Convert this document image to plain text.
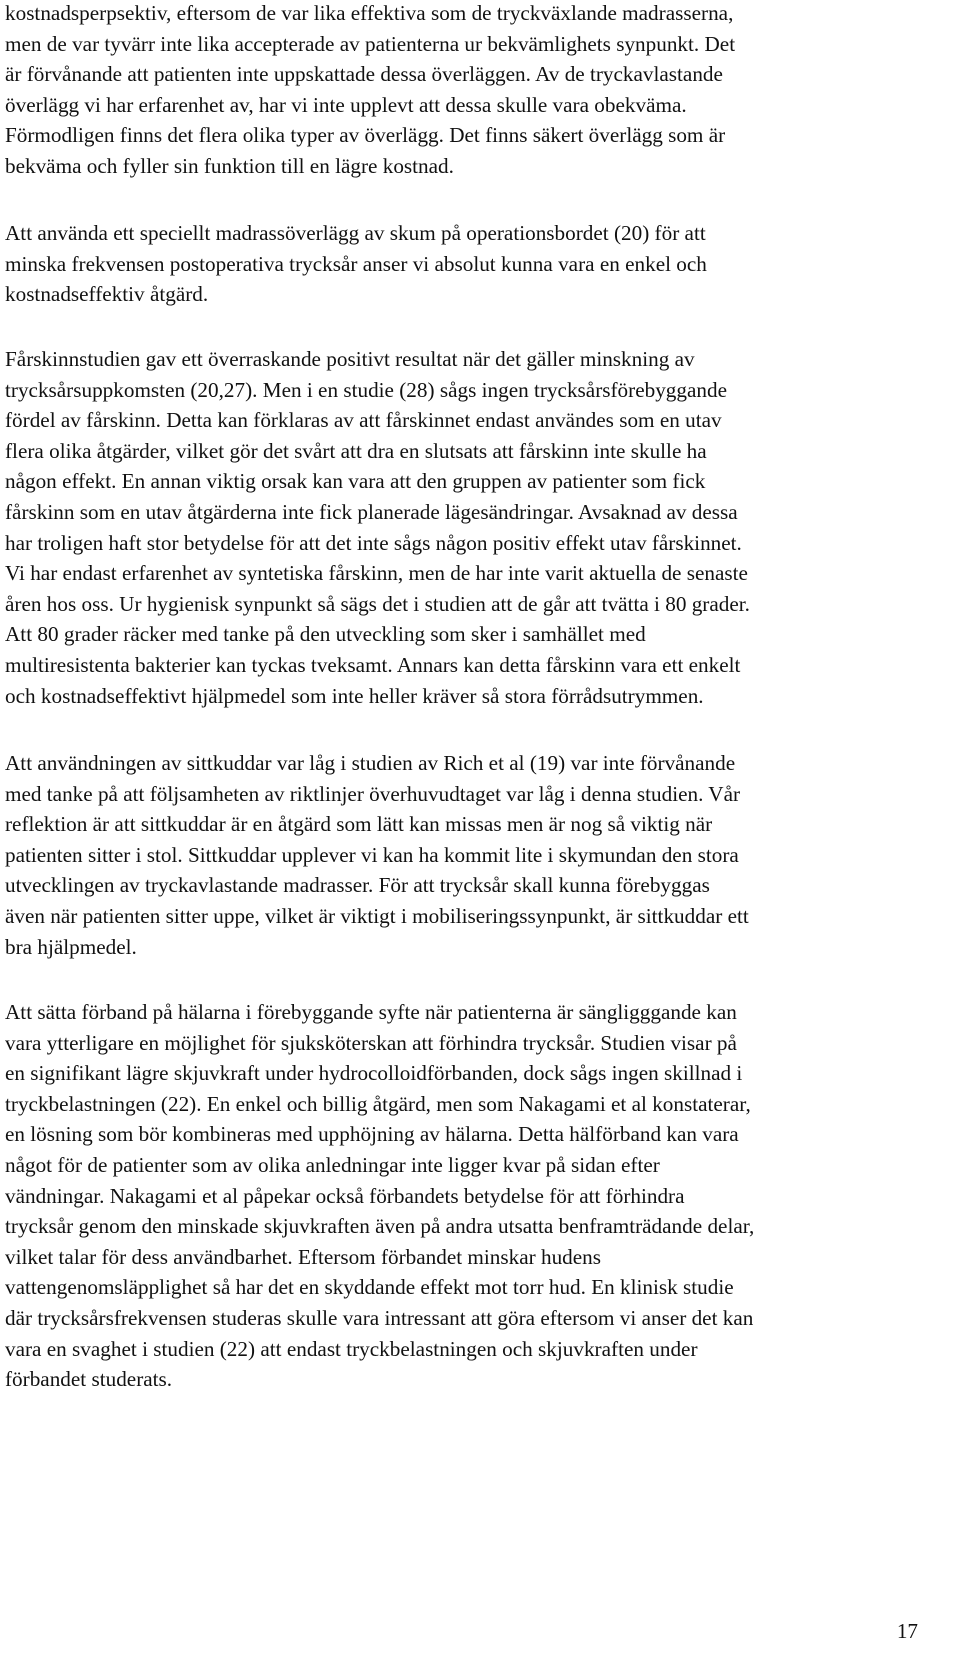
kostnadsperpsektiv, eftersom de var lika effektiva som de tryckväxlande madrasserna,
men de var tyvärr inte lika accepterade av patienterna ur bekvämlighets synpunkt. Det
är förvånande att patienten inte uppskattade dessa överläggen. Av de tryckavlastande
överlägg vi har erfarenhet av, har vi inte upplevt att dessa skulle vara obekväma.
Förmodligen finns det flera olika typer av överlägg. Det finns säkert överlägg som är
bekväma och fyller sin funktion till en lägre kostnad.

Att använda ett speciellt madrassöverlägg av skum på operationsbordet (20) för att
minska frekvensen postoperativa trycksår anser vi absolut kunna vara en enkel och
kostnadseffektiv åtgärd.

Fårskinnstudien gav ett överraskande positivt resultat när det gäller minskning av
trycksårsuppkomsten (20,27). Men i en studie (28) sågs ingen trycksårsförebyggande
fördel av fårskinn. Detta kan förklaras av att fårskinnet endast användes som en utav
flera olika åtgärder, vilket gör det svårt att dra en slutsats att fårskinn inte skulle ha
någon effekt. En annan viktig orsak kan vara att den gruppen av patienter som fick
fårskinn som en utav åtgärderna inte fick planerade lägesändringar. Avsaknad av dessa
har troligen haft stor betydelse för att det inte sågs någon positiv effekt utav fårskinnet.
Vi har endast erfarenhet av syntetiska fårskinn, men de har inte varit aktuella de senaste
åren hos oss. Ur hygienisk synpunkt så sägs det i studien att de går att tvätta i 80 grader.
Att 80 grader räcker med tanke på den utveckling som sker i samhället med
multiresistenta bakterier kan tyckas tveksamt. Annars kan detta fårskinn vara ett enkelt
och kostnadseffektivt hjälpmedel som inte heller kräver så stora förrådsutrymmen.

Att användningen av sittkuddar var låg i studien av Rich et al (19) var inte förvånande
med tanke på att följsamheten av riktlinjer överhuvudtaget var låg i denna studien. Vår
reflektion är att sittkuddar är en åtgärd som lätt kan missas men är nog så viktig när
patienten sitter i stol. Sittkuddar upplever vi kan ha kommit lite i skymundan den stora
utvecklingen av tryckavlastande madrasser. För att trycksår skall kunna förebyggas
även när patienten sitter uppe, vilket är viktigt i mobiliseringssynpunkt, är sittkuddar ett
bra hjälpmedel.

Att sätta förband på hälarna i förebyggande syfte när patienterna är sängligggande kan
vara ytterligare en möjlighet för sjuksköterskan att förhindra trycksår. Studien visar på
en signifikant lägre skjuvkraft under hydrocolloidförbanden, dock sågs ingen skillnad i
tryckbelastningen (22). En enkel och billig åtgärd, men som Nakagami et al konstaterar,
en lösning som bör kombineras med upphöjning av hälarna. Detta hälförband kan vara
något för de patienter som av olika anledningar inte ligger kvar på sidan efter
vändningar. Nakagami et al påpekar också förbandets betydelse för att förhindra
trycksår genom den minskade skjuvkraften även på andra utsatta benframträdande delar,
vilket talar för dess användbarhet. Eftersom förbandet minskar hudens
vattengenomsläpplighet så har det en skyddande effekt mot torr hud. En klinisk studie
där trycksårsfrekvensen studeras skulle vara intressant att göra eftersom vi anser det kan
vara en svaghet i studien (22) att endast tryckbelastningen och skjuvkraften under
förbandet studerats.

17
